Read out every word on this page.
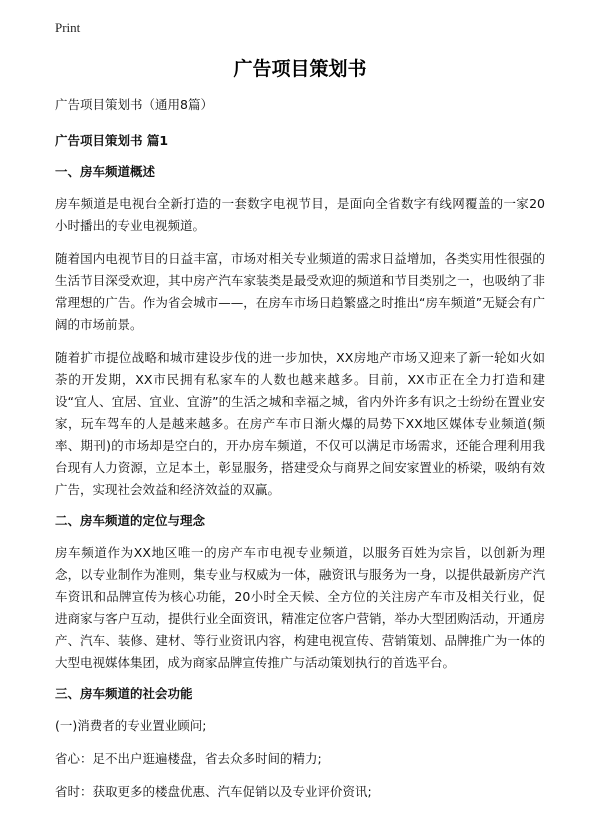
Print
广告项目策划书
广告项目策划书（通用8篇）
广告项目策划书 篇1
一、房车频道概述

房车频道是电视台全新打造的一套数字电视节目，是面向全省数字有线网覆盖的一家20小时播出的专业电视频道。

随着国内电视节目的日益丰富，市场对相关专业频道的需求日益增加，各类实用性很强的生活节目深受欢迎，其中房产汽车家装类是最受欢迎的频道和节目类别之一，也吸纳了非常理想的广告。作为省会城市——，在房车市场日趋繁盛之时推出“房车频道”无疑会有广阔的市场前景。

随着扩市提位战略和城市建设步伐的进一步加快，XX房地产市场又迎来了新一轮如火如荼的开发期，XX市民拥有私家车的人数也越来越多。目前，XX市正在全力打造和建设“宜人、宜居、宜业、宜游”的生活之城和幸福之城，省内外许多有识之士纷纷在置业安家，玩车驾车的人是越来越多。在房产车市日渐火爆的局势下XX地区媒体专业频道(频率、期刊)的市场却是空白的，开办房车频道，不仅可以满足市场需求，还能合理利用我台现有人力资源，立足本土，彰显服务，搭建受众与商界之间安家置业的桥梁，吸纳有效广告，实现社会效益和经济效益的双赢。

二、房车频道的定位与理念

房车频道作为XX地区唯一的房产车市电视专业频道，以服务百姓为宗旨，以创新为理念，以专业制作为准则，集专业与权威为一体，融资讯与服务为一身，以提供最新房产汽车资讯和品牌宣传为核心功能，20小时全天候、全方位的关注房产车市及相关行业，促进商家与客户互动，提供行业全面资讯，精准定位客户营销，举办大型团购活动，开通房产、汽车、装修、建材、等行业资讯内容，构建电视宣传、营销策划、品牌推广为一体的大型电视媒体集团，成为商家品牌宣传推广与活动策划执行的首选平台。

三、房车频道的社会功能

(一)消费者的专业置业顾问;

省心：足不出户逛遍楼盘，省去众多时间的精力;

省时：获取更多的楼盘优惠、汽车促销以及专业评价资讯;
